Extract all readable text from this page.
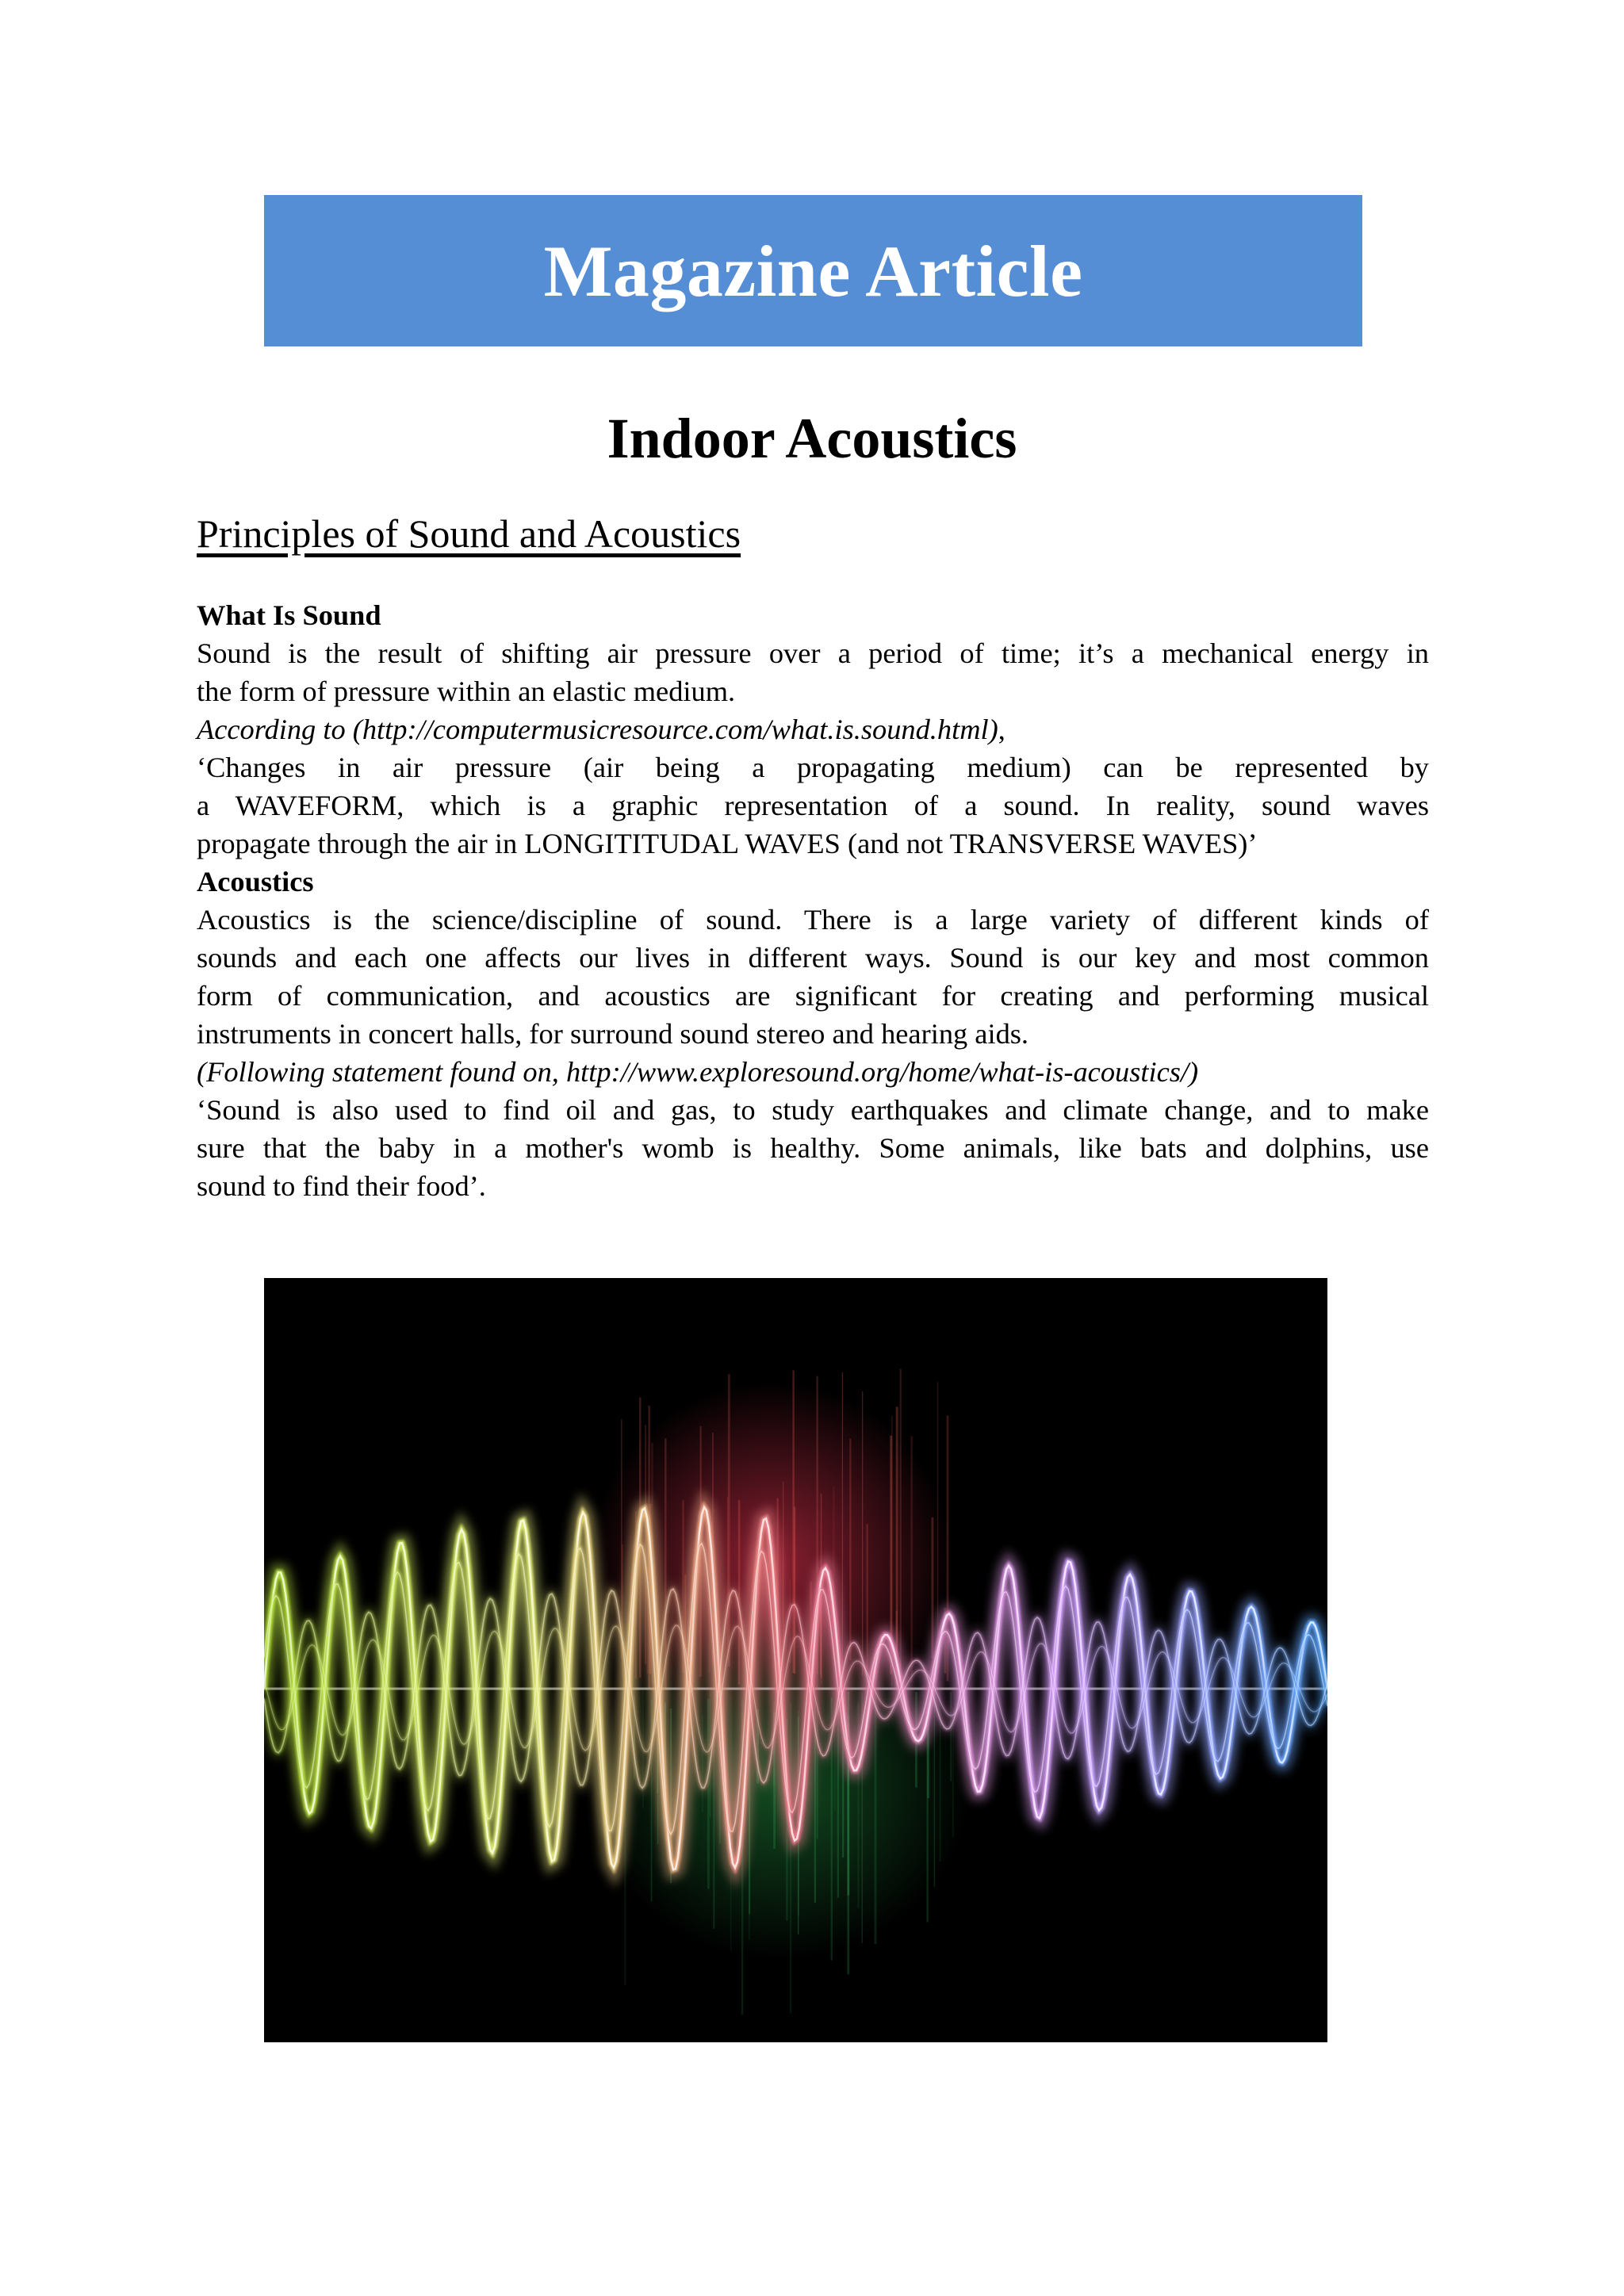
Magazine Article
Indoor Acoustics
Principles of Sound and Acoustics
What Is Sound
Sound is the result of shifting air pressure over a period of time; it’s a mechanical energy in
the form of pressure within an elastic medium.
According to (http://computermusicresource.com/what.is.sound.html),
‘Changes in air pressure (air being a propagating medium) can be represented by
a WAVEFORM, which is a graphic representation of a sound. In reality, sound waves
propagate through the air in LONGITITUDAL WAVES (and not TRANSVERSE WAVES)’
Acoustics
Acoustics is the science/discipline of sound. There is a large variety of different kinds of
sounds and each one affects our lives in different ways. Sound is our key and most common
form of communication, and acoustics are significant for creating and performing musical
instruments in concert halls, for surround sound stereo and hearing aids.
(Following statement found on, http://www.exploresound.org/home/what-is-acoustics/)
‘Sound is also used to find oil and gas, to study earthquakes and climate change, and to make
sure that the baby in a mother's womb is healthy. Some animals, like bats and dolphins, use
sound to find their food’.
